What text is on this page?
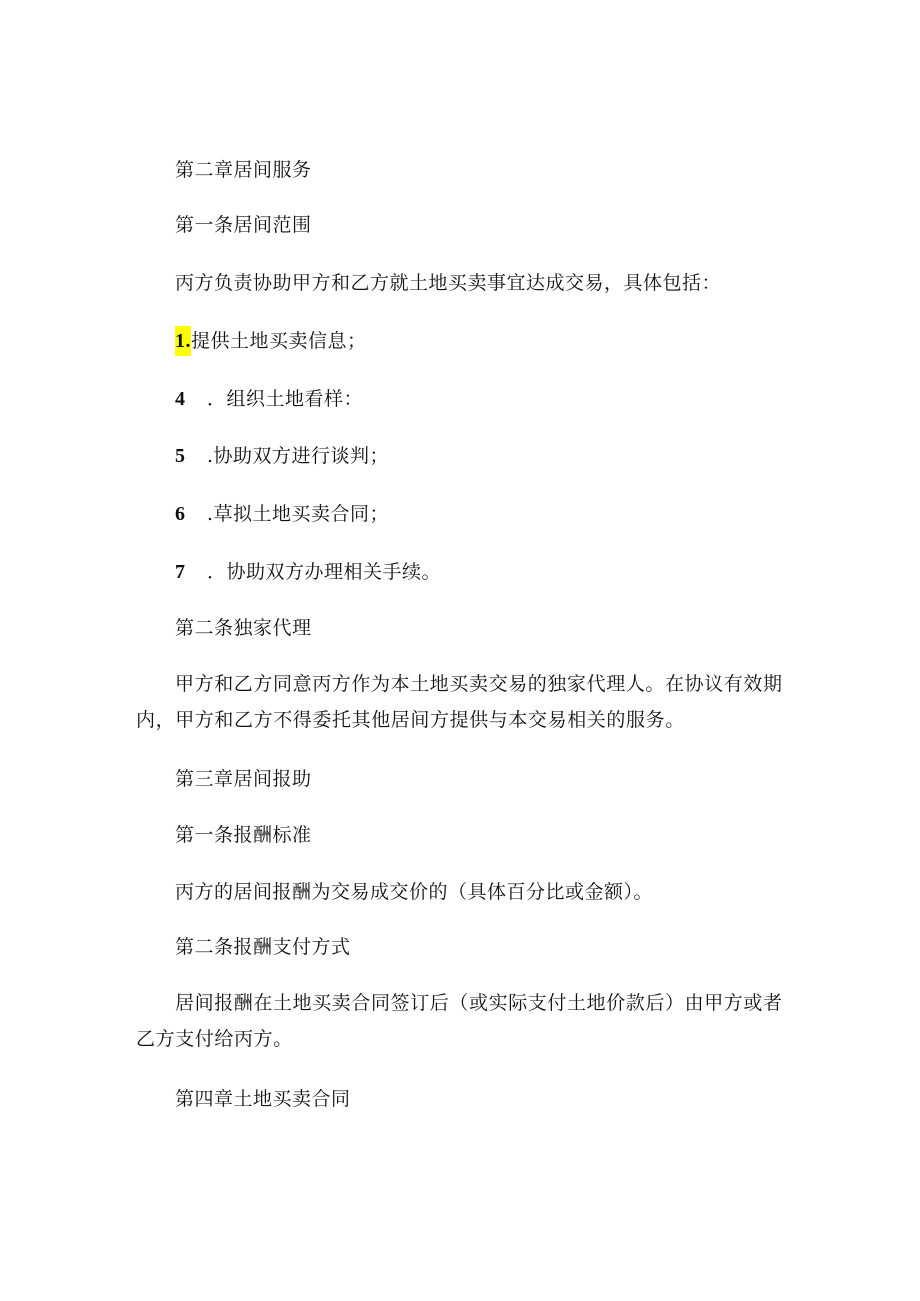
第二章居间服务
第一条居间范围
丙方负责协助甲方和乙方就土地买卖事宜达成交易，具体包括：
1.提供土地买卖信息；
4 ．组织土地看样：
5 .协助双方进行谈判；
6 .草拟土地买卖合同；
7 ．协助双方办理相关手续。
第二条独家代理
甲方和乙方同意丙方作为本土地买卖交易的独家代理人。在协议有效期内，甲方和乙方不得委托其他居间方提供与本交易相关的服务。
第三章居间报助
第一条报酬标准
丙方的居间报酬为交易成交价的（具体百分比或金额）。
第二条报酬支付方式
居间报酬在土地买卖合同签订后（或实际支付土地价款后）由甲方或者乙方支付给丙方。
第四章土地买卖合同
